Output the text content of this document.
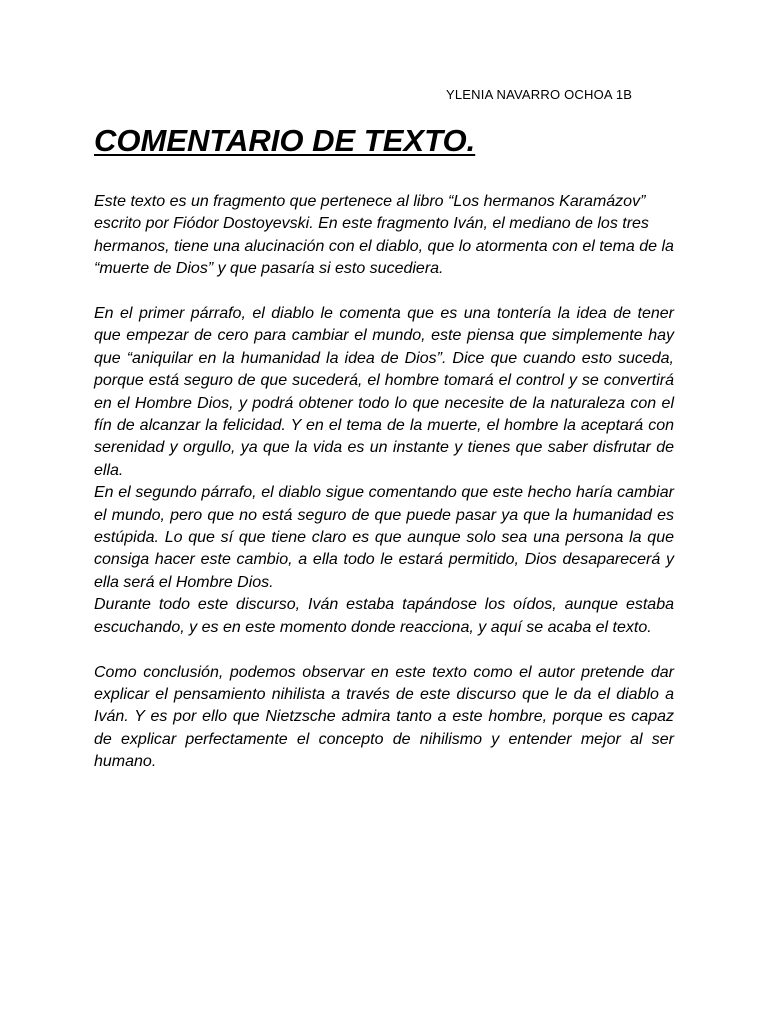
YLENIA NAVARRO OCHOA 1B
COMENTARIO DE TEXTO.

Este texto es un fragmento que pertenece al libro “Los hermanos Karamázov” escrito por Fiódor Dostoyevski. En este fragmento Iván, el mediano de los tres hermanos, tiene una alucinación con el diablo, que lo atormenta con el tema de la “muerte de Dios” y que pasaría si esto sucediera.

En el primer párrafo, el diablo le comenta que es una tontería la idea de tener que empezar de cero para cambiar el mundo, este piensa que simplemente hay que “aniquilar en la humanidad la idea de Dios”. Dice que cuando esto suceda, porque está seguro de que sucederá, el hombre tomará el control y se convertirá en el Hombre Dios, y podrá obtener todo lo que necesite de la naturaleza con el fín de alcanzar la felicidad. Y en el tema de la muerte, el hombre la aceptará con serenidad y orgullo, ya que la vida es un instante y tienes que saber disfrutar de ella.

En el segundo párrafo, el diablo sigue comentando que este hecho haría cambiar el mundo, pero que no está seguro de que puede pasar ya que la humanidad es estúpida. Lo que sí que tiene claro es que aunque solo sea una persona la que consiga hacer este cambio, a ella todo le estará permitido, Dios desaparecerá y ella será el Hombre Dios.

Durante todo este discurso, Iván estaba tapándose los oídos, aunque estaba escuchando, y es en este momento donde reacciona, y aquí se acaba el texto.

Como conclusión, podemos observar en este texto como el autor pretende dar explicar el pensamiento nihilista a través de este discurso que le da el diablo a Iván. Y es por ello que Nietzsche admira tanto a este hombre, porque es capaz de explicar perfectamente el concepto de nihilismo y entender mejor al ser humano.
